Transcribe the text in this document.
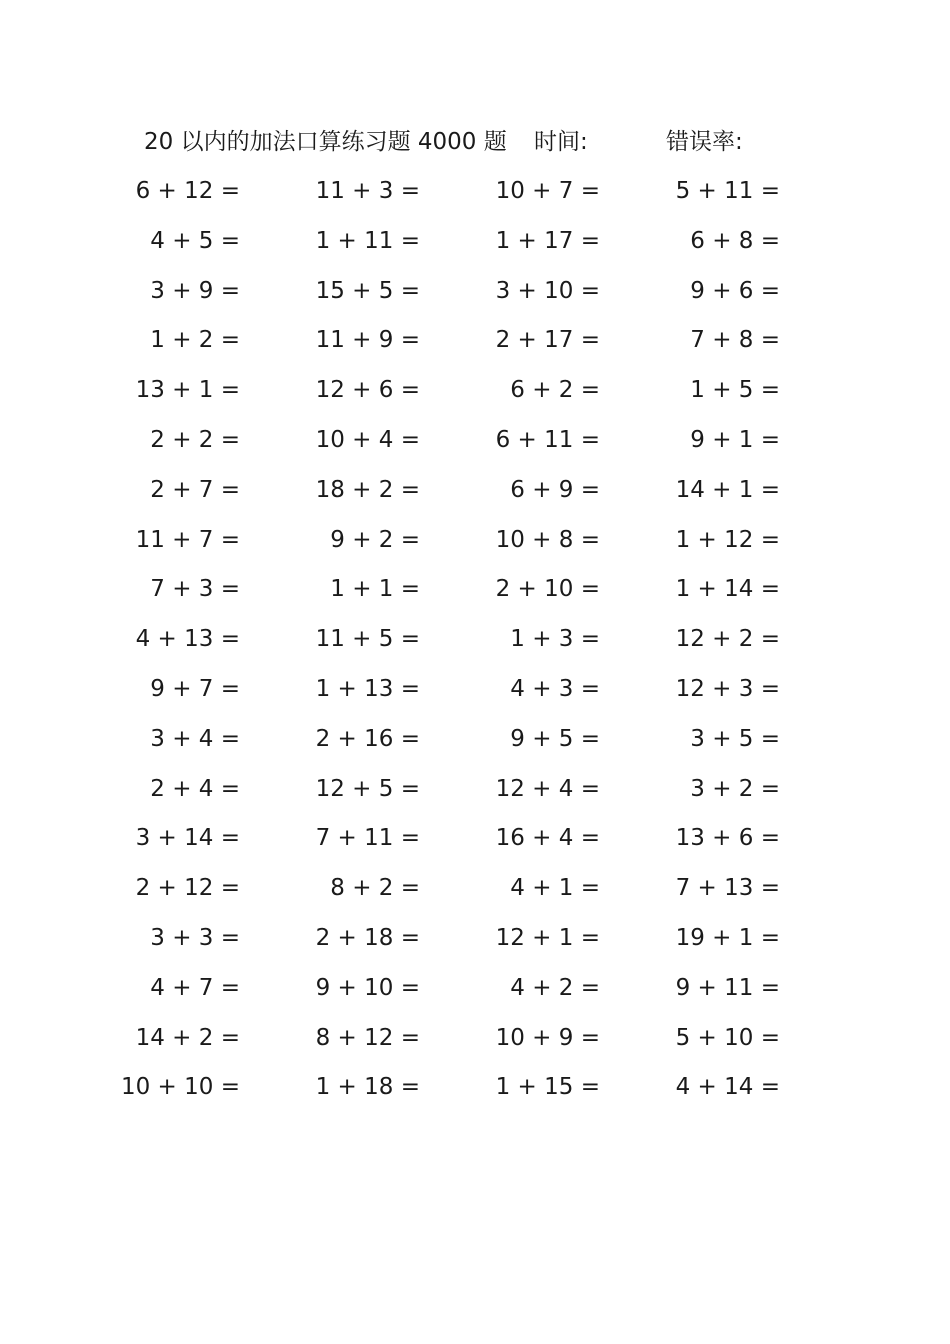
20 以内的加法口算练习题 4000 题 时间:	错误率:
6 + 12 =	11 + 3 =	10 + 7 =	5 + 11 =
4 + 5 =	1 + 11 =	1 + 17 =	6 + 8 =
3 + 9 =	15 + 5 =	3 + 10 =	9 + 6 =
1 + 2 =	11 + 9 =	2 + 17 =	7 + 8 =
13 + 1 =	12 + 6 =	6 + 2 =	1 + 5 =
2 + 2 =	10 + 4 =	6 + 11 =	9 + 1 =
2 + 7 =	18 + 2 =	6 + 9 =	14 + 1 =
11 + 7 =	9 + 2 =	10 + 8 =	1 + 12 =
7 + 3 =	1 + 1 =	2 + 10 =	1 + 14 =
4 + 13 =	11 + 5 =	1 + 3 =	12 + 2 =
9 + 7 =	1 + 13 =	4 + 3 =	12 + 3 =
3 + 4 =	2 + 16 =	9 + 5 =	3 + 5 =
2 + 4 =	12 + 5 =	12 + 4 =	3 + 2 =
3 + 14 =	7 + 11 =	16 + 4 =	13 + 6 =
2 + 12 =	8 + 2 =	4 + 1 =	7 + 13 =
3 + 3 =	2 + 18 =	12 + 1 =	19 + 1 =
4 + 7 =	9 + 10 =	4 + 2 =	9 + 11 =
14 + 2 =	8 + 12 =	10 + 9 =	5 + 10 =
10 + 10 =	1 + 18 =	1 + 15 =	4 + 14 =
